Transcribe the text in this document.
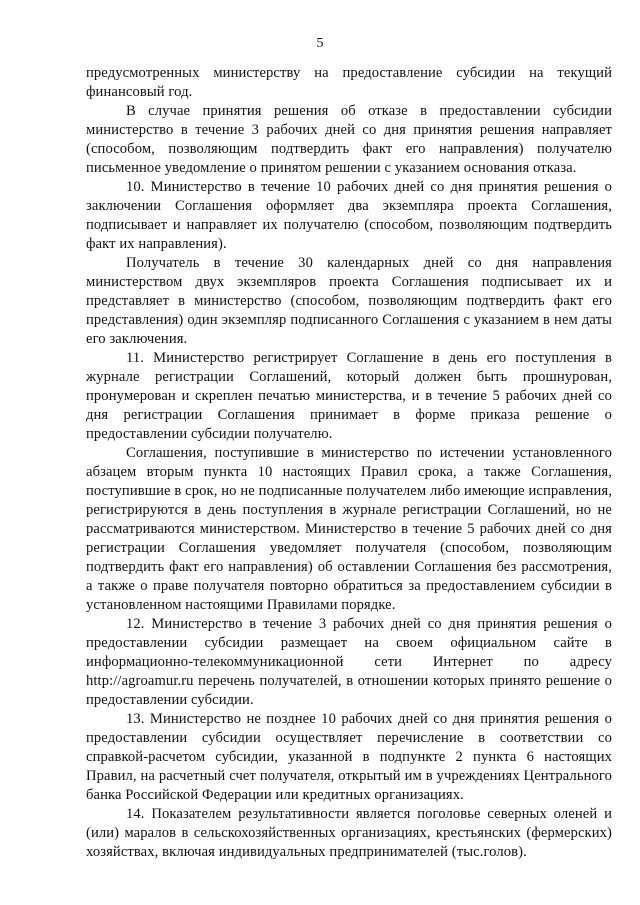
5

предусмотренных министерству на предоставление субсидии на текущий финансовый год.

В случае принятия решения об отказе в предоставлении субсидии министерство в течение 3 рабочих дней со дня принятия решения направляет (способом, позволяющим подтвердить факт его направления) получателю письменное уведомление о принятом решении с указанием основания отказа.

10. Министерство в течение 10 рабочих дней со дня принятия решения о заключении Соглашения оформляет два экземпляра проекта Соглашения, подписывает и направляет их получателю (способом, позволяющим подтвердить факт их направления).

Получатель в течение 30 календарных дней со дня направления министерством двух экземпляров проекта Соглашения подписывает их и представляет в министерство (способом, позволяющим подтвердить факт его представления) один экземпляр подписанного Соглашения с указанием в нем даты его заключения.

11. Министерство регистрирует Соглашение в день его поступления в журнале регистрации Соглашений, который должен быть прошнурован, пронумерован и скреплен печатью министерства, и в течение 5 рабочих дней со дня регистрации Соглашения принимает в форме приказа решение о предоставлении субсидии получателю.

Соглашения, поступившие в министерство по истечении установленного абзацем вторым пункта 10 настоящих Правил срока, а также Соглашения, поступившие в срок, но не подписанные получателем либо имеющие исправления, регистрируются в день поступления в журнале регистрации Соглашений, но не рассматриваются министерством. Министерство в течение 5 рабочих дней со дня регистрации Соглашения уведомляет получателя (способом, позволяющим подтвердить факт его направления) об оставлении Соглашения без рассмотрения, а также о праве получателя повторно обратиться за предоставлением субсидии в установленном настоящими Правилами порядке.

12. Министерство в течение 3 рабочих дней со дня принятия решения о предоставлении субсидии размещает на своем официальном сайте в информационно-телекоммуникационной сети Интернет по адресу http://agroamur.ru перечень получателей, в отношении которых принято решение о предоставлении субсидии.

13. Министерство не позднее 10 рабочих дней со дня принятия решения о предоставлении субсидии осуществляет перечисление в соответствии со справкой-расчетом субсидии, указанной в подпункте 2 пункта 6 настоящих Правил, на расчетный счет получателя, открытый им в учреждениях Центрального банка Российской Федерации или кредитных организациях.

14. Показателем результативности является поголовье северных оленей и (или) маралов в сельскохозяйственных организациях, крестьянских (фермерских) хозяйствах, включая индивидуальных предпринимателей (тыс.голов).
